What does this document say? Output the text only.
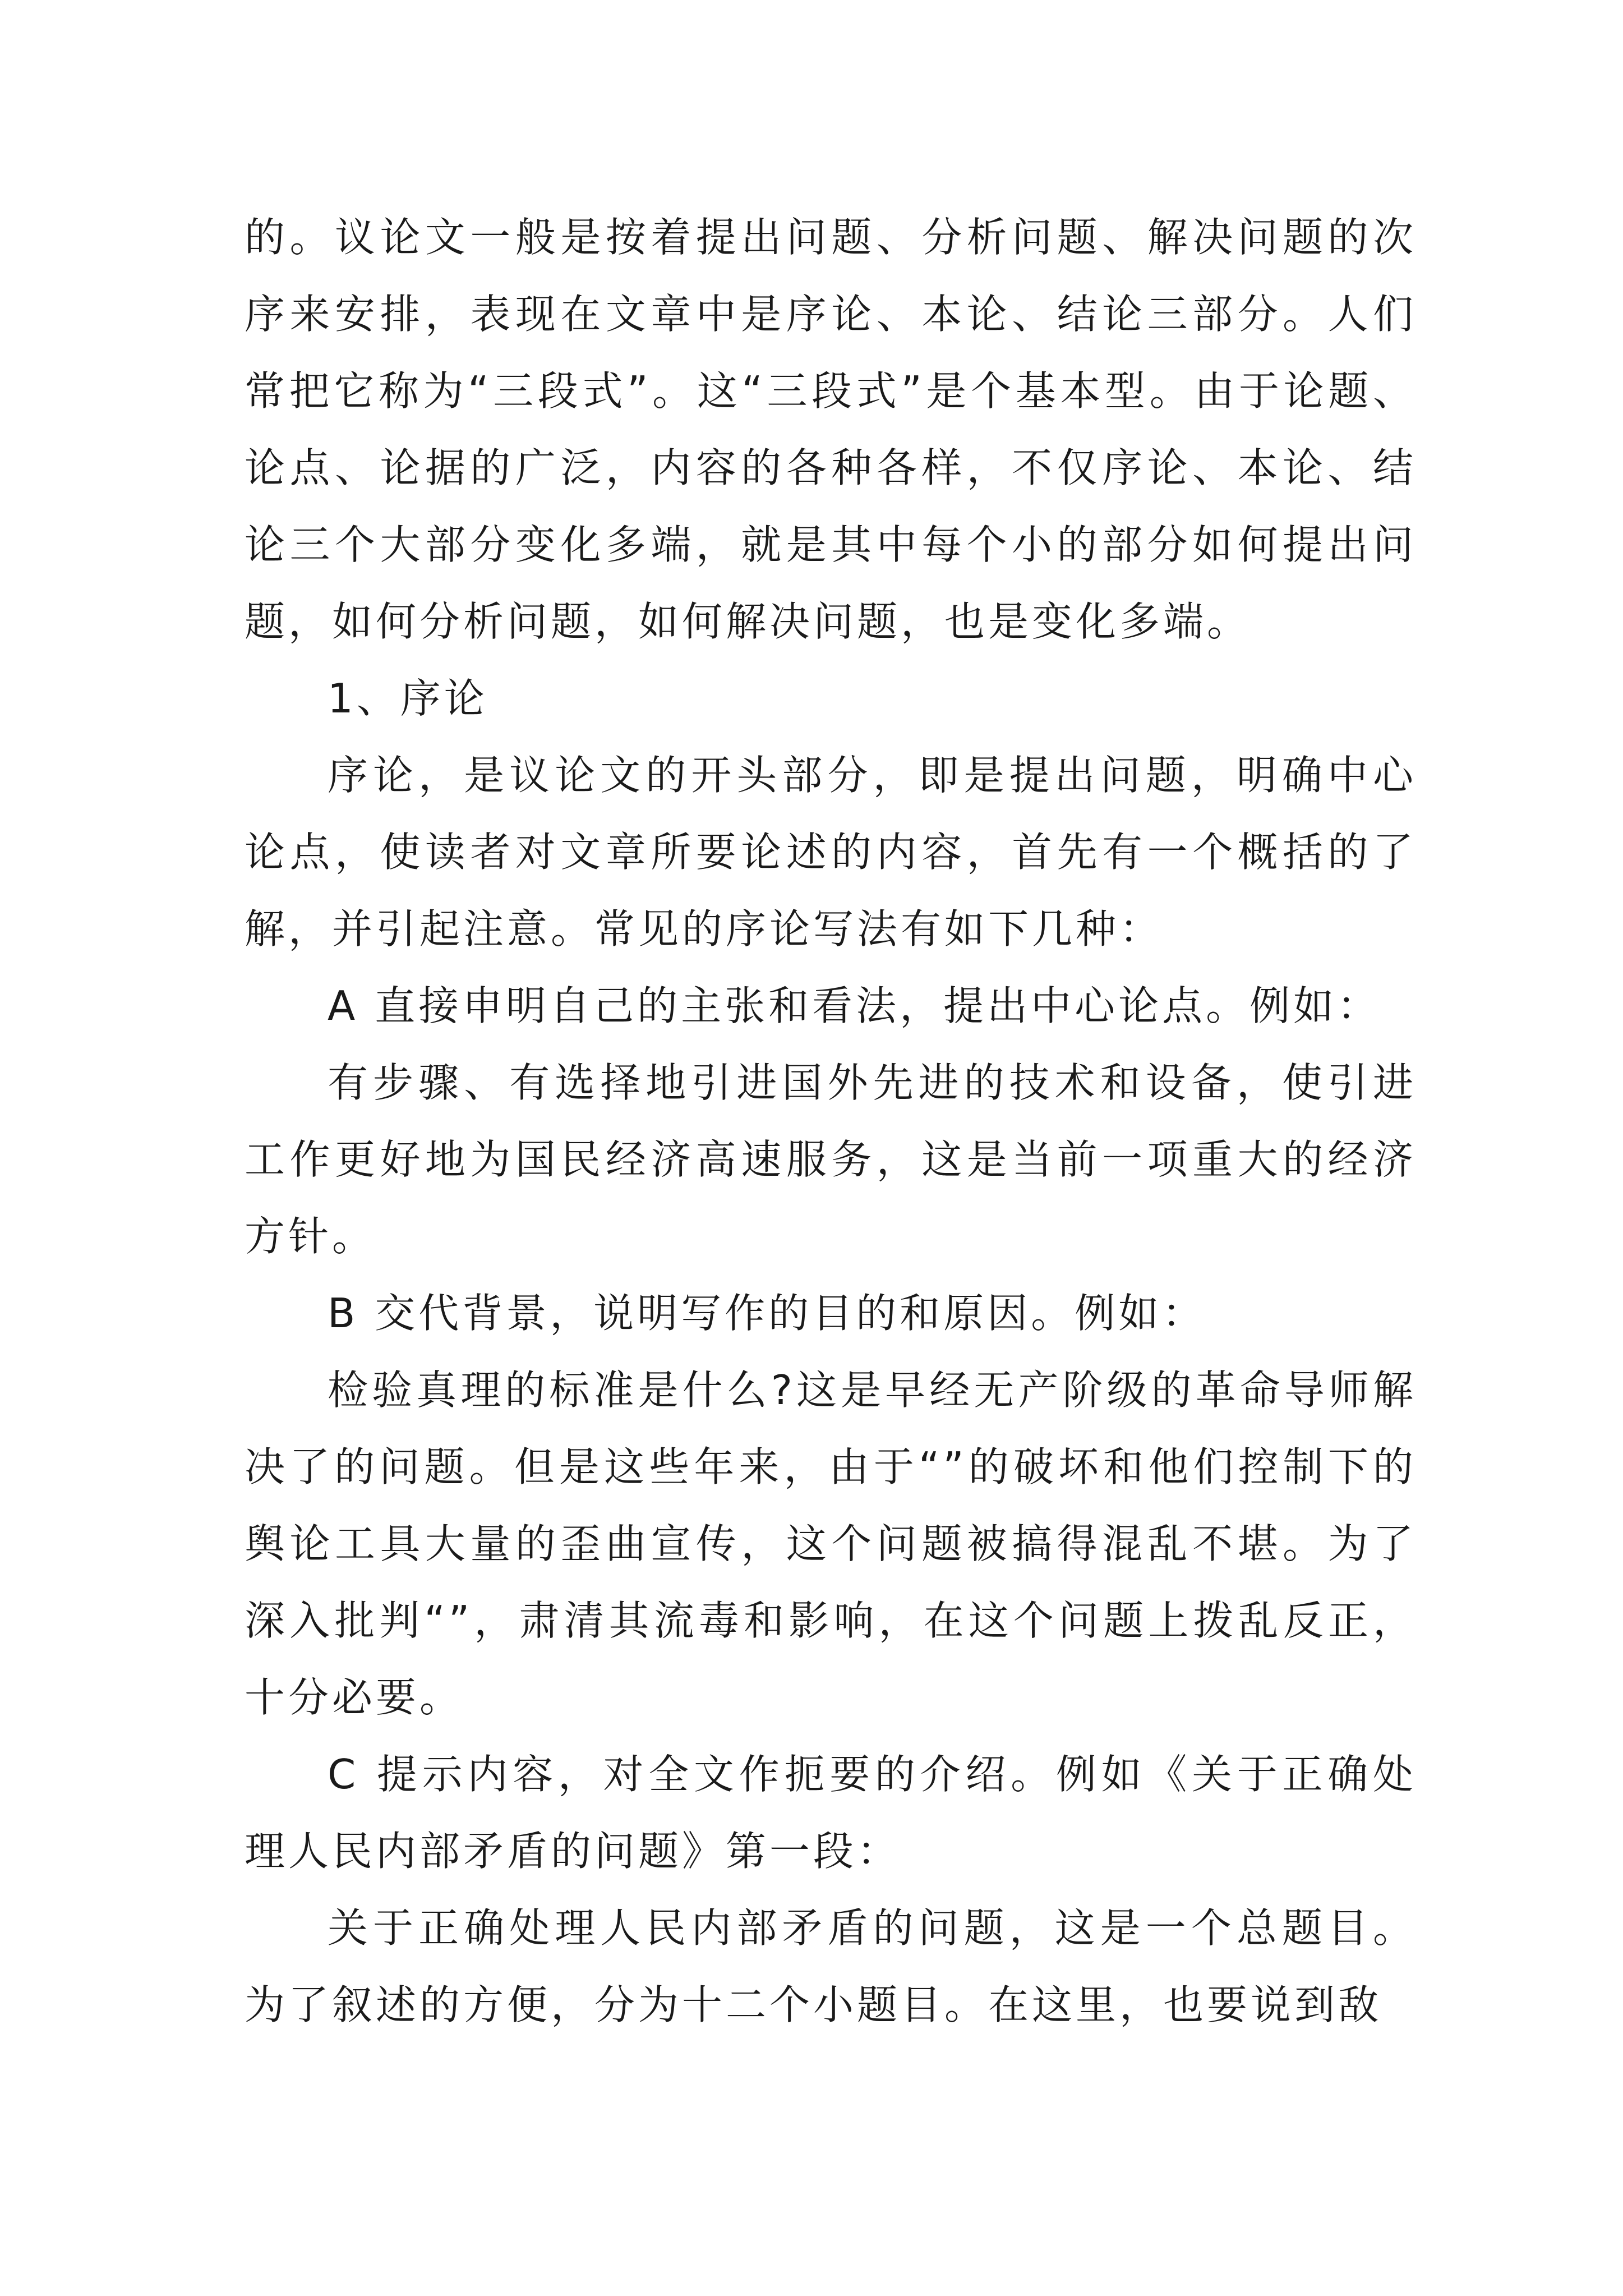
的。议论文一般是按着提出问题、分析问题、解决问题的次序来安排，表现在文章中是序论、本论、结论三部分。人们常把它称为“三段式”。这“三段式”是个基本型。由于论题、论点、论据的广泛，内容的各种各样，不仅序论、本论、结论三个大部分变化多端，就是其中每个小的部分如何提出问题，如何分析问题，如何解决问题，也是变化多端。

1、序论

序论，是议论文的开头部分，即是提出问题，明确中心论点，使读者对文章所要论述的内容，首先有一个概括的了解，并引起注意。常见的序论写法有如下几种：

A 直接申明自己的主张和看法，提出中心论点。例如：

有步骤、有选择地引进国外先进的技术和设备，使引进工作更好地为国民经济高速服务，这是当前一项重大的经济方针。

B 交代背景，说明写作的目的和原因。例如：

检验真理的标准是什么?这是早经无产阶级的革命导师解决了的问题。但是这些年来，由于“”的破坏和他们控制下的舆论工具大量的歪曲宣传，这个问题被搞得混乱不堪。为了深入批判“”，肃清其流毒和影响，在这个问题上拨乱反正，十分必要。

C 提示内容，对全文作扼要的介绍。例如《关于正确处理人民内部矛盾的问题》第一段：

关于正确处理人民内部矛盾的问题，这是一个总题目。为了叙述的方便，分为十二个小题目。在这里，也要说到敌
